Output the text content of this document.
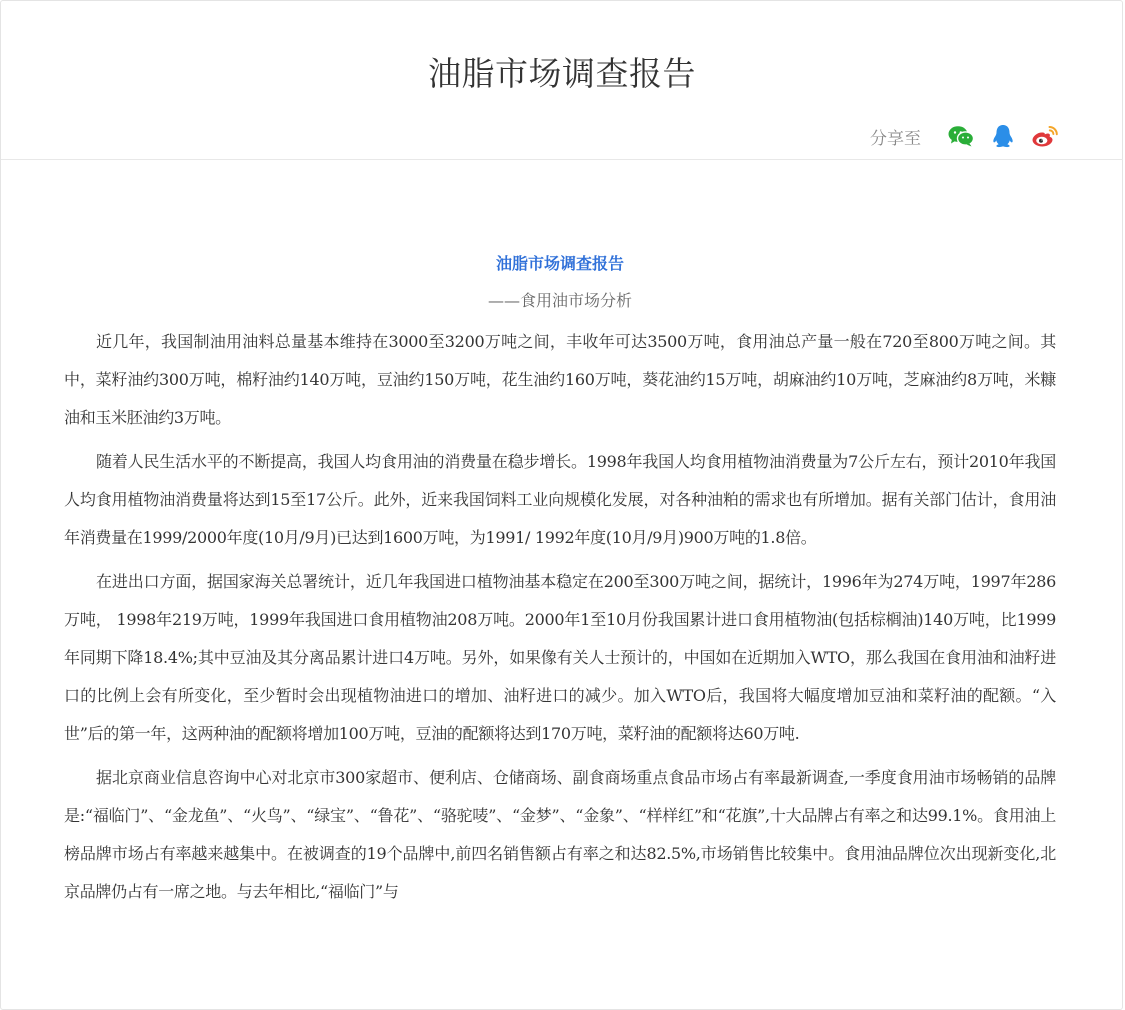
油脂市场调查报告
分享至
油脂市场调查报告
——食用油市场分析

近几年，我国制油用油料总量基本维持在3000至3200万吨之间，丰收年可达3500万吨，食用油总产量一般在720至800万吨之间。其中，菜籽油约300万吨，棉籽油约140万吨，豆油约150万吨，花生油约160万吨，葵花油约15万吨，胡麻油约10万吨，芝麻油约8万吨，米糠油和玉米胚油约3万吨。

随着人民生活水平的不断提高，我国人均食用油的消费量在稳步增长。1998年我国人均食用植物油消费量为7公斤左右，预计2010年我国人均食用植物油消费量将达到15至17公斤。此外，近来我国饲料工业向规模化发展，对各种油粕的需求也有所增加。据有关部门估计，食用油年消费量在1999/2000年度(10月/9月)已达到1600万吨，为1991/ 1992年度(10月/9月)900万吨的1.8倍。

在进出口方面，据国家海关总署统计，近几年我国进口植物油基本稳定在200至300万吨之间，据统计，1996年为274万吨，1997年286万吨， 1998年219万吨，1999年我国进口食用植物油208万吨。2000年1至10月份我国累计进口食用植物油(包括棕榈油)140万吨，比1999年同期下降18.4%;其中豆油及其分离品累计进口4万吨。另外，如果像有关人士预计的，中国如在近期加入WTO，那么我国在食用油和油籽进口的比例上会有所变化，至少暂时会出现植物油进口的增加、油籽进口的减少。加入WTO后，我国将大幅度增加豆油和菜籽油的配额。“入世”后的第一年，这两种油的配额将增加100万吨，豆油的配额将达到170万吨，菜籽油的配额将达60万吨.

据北京商业信息咨询中心对北京市300家超市、便利店、仓储商场、副食商场重点食品市场占有率最新调查,一季度食用油市场畅销的品牌是:“福临门”、“金龙鱼”、“火鸟”、“绿宝”、“鲁花”、“骆驼唛”、“金梦”、“金象”、“样样红”和“花旗”,十大品牌占有率之和达99.1%。食用油上榜品牌市场占有率越来越集中。在被调查的19个品牌中,前四名销售额占有率之和达82.5%,市场销售比较集中。食用油品牌位次出现新变化,北京品牌仍占有一席之地。与去年相比,“福临门”与
